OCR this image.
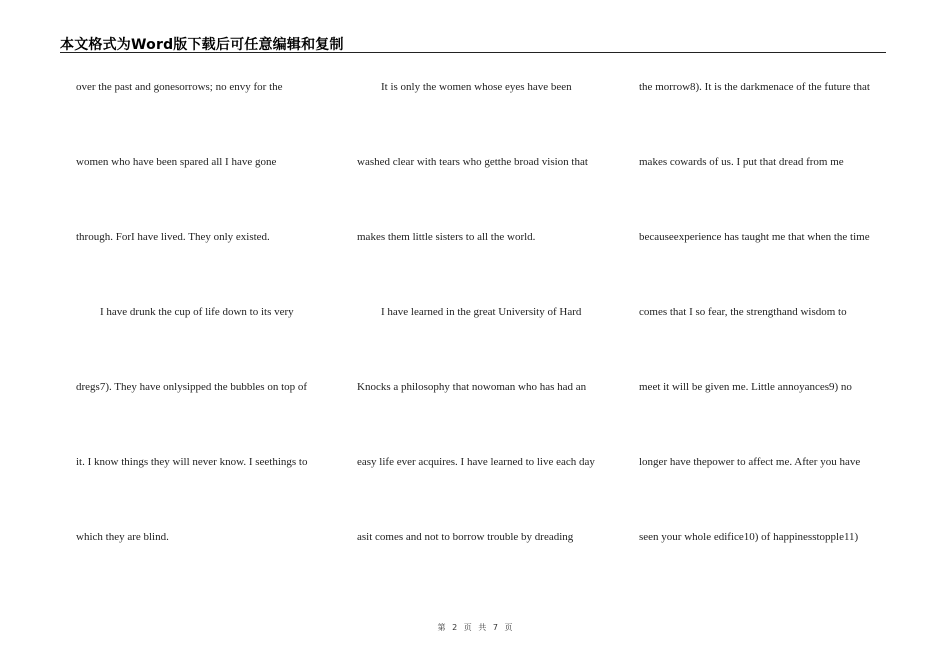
本文格式为Word版下载后可任意编辑和复制
over the past and gonesorrows; no envy for the
women who have been spared all I have gone
through. ForI have lived. They only existed.
I have drunk the cup of life down to its very
dregs7). They have onlysipped the bubbles on top of
it. I know things they will never know. I seethings to
which they are blind.
It is only the women whose eyes have been
washed clear with tears who getthe broad vision that
makes them little sisters to all the world.
I have learned in the great University of Hard
Knocks a philosophy that nowoman who has had an
easy life ever acquires. I have learned to live each day
asit comes and not to borrow trouble by dreading
the morrow8). It is the darkmenace of the future that
makes cowards of us. I put that dread from me
becauseexperience has taught me that when the time
comes that I so fear, the strengthand wisdom to
meet it will be given me. Little annoyances9) no
longer have thepower to affect me. After you have
seen your whole edifice10) of happinesstopple11)
第 2 页 共 7 页
